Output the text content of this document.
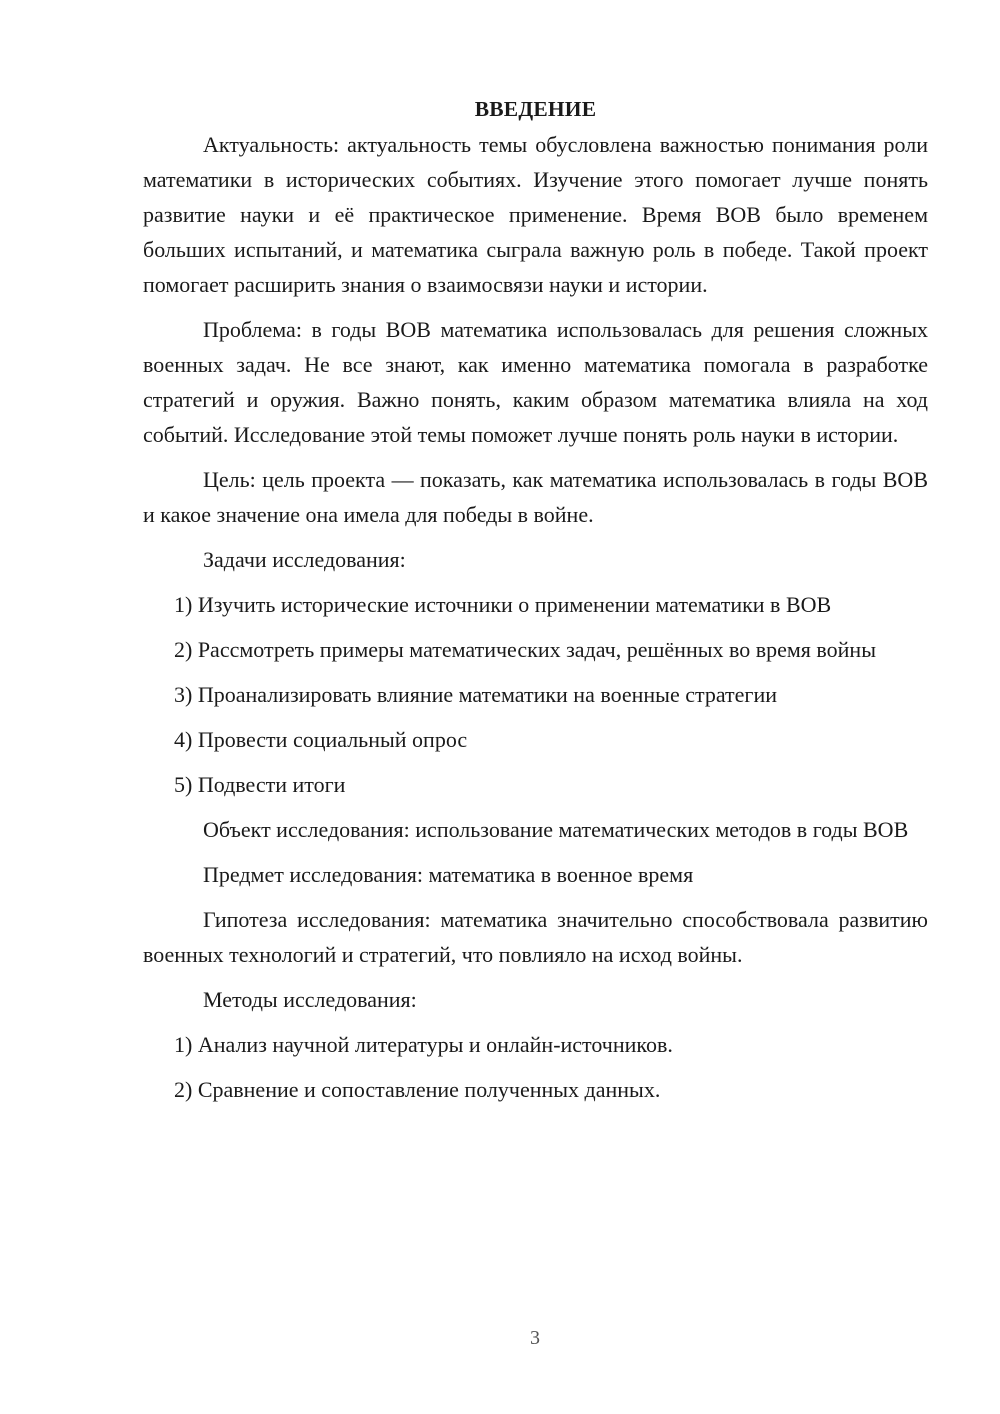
ВВЕДЕНИЕ

Актуальность: актуальность темы обусловлена важностью понимания роли математики в исторических событиях. Изучение этого помогает лучше понять развитие науки и её практическое применение. Время ВОВ было временем больших испытаний, и математика сыграла важную роль в победе. Такой проект помогает расширить знания о взаимосвязи науки и истории.

Проблема: в годы ВОВ математика использовалась для решения сложных военных задач. Не все знают, как именно математика помогала в разработке стратегий и оружия. Важно понять, каким образом математика влияла на ход событий. Исследование этой темы поможет лучше понять роль науки в истории.

Цель: цель проекта — показать, как математика использовалась в годы ВОВ и какое значение она имела для победы в войне.

Задачи исследования:

1) Изучить исторические источники о применении математики в ВОВ

2) Рассмотреть примеры математических задач, решённых во время войны

3) Проанализировать влияние математики на военные стратегии

4) Провести социальный опрос

5) Подвести итоги

Объект исследования: использование математических методов в годы ВОВ

Предмет исследования: математика в военное время

Гипотеза исследования: математика значительно способствовала развитию военных технологий и стратегий, что повлияло на исход войны.

Методы исследования:

1) Анализ научной литературы и онлайн-источников.

2) Сравнение и сопоставление полученных данных.

3
